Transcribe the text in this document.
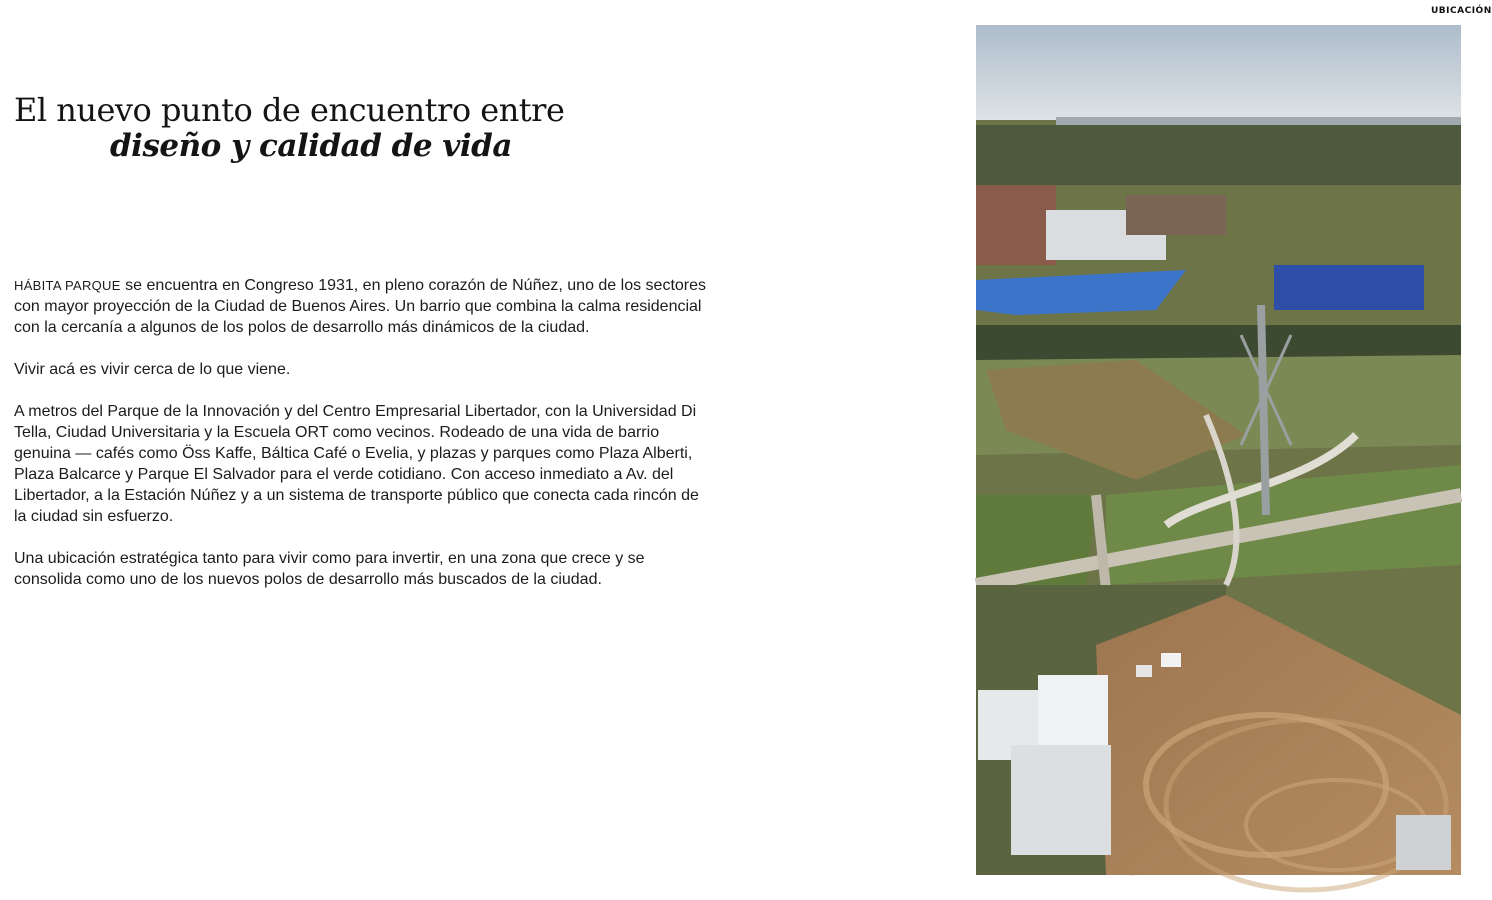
UBICACIÓN
El nuevo punto de encuentro entre
diseño y calidad de vida

HÁBITA PARQUE se encuentra en Congreso 1931, en pleno corazón de Núñez, uno de los sectores con mayor proyección de la Ciudad de Buenos Aires. Un barrio que combina la calma residencial con la cercanía a algunos de los polos de desarrollo más dinámicos de la ciudad.

Vivir acá es vivir cerca de lo que viene.

A metros del Parque de la Innovación y del Centro Empresarial Libertador, con la Universidad Di Tella, Ciudad Universitaria y la Escuela ORT como vecinos. Rodeado de una vida de barrio genuina — cafés como Öss Kaffe, Báltica Café o Evelia, y plazas y parques como Plaza Alberti, Plaza Balcarce y Parque El Salvador para el verde cotidiano. Con acceso inmediato a Av. del Libertador, a la Estación Núñez y a un sistema de transporte público que conecta cada rincón de la ciudad sin esfuerzo.

Una ubicación estratégica tanto para vivir como para invertir, en una zona que crece y se consolida como uno de los nuevos polos de desarrollo más buscados de la ciudad.
